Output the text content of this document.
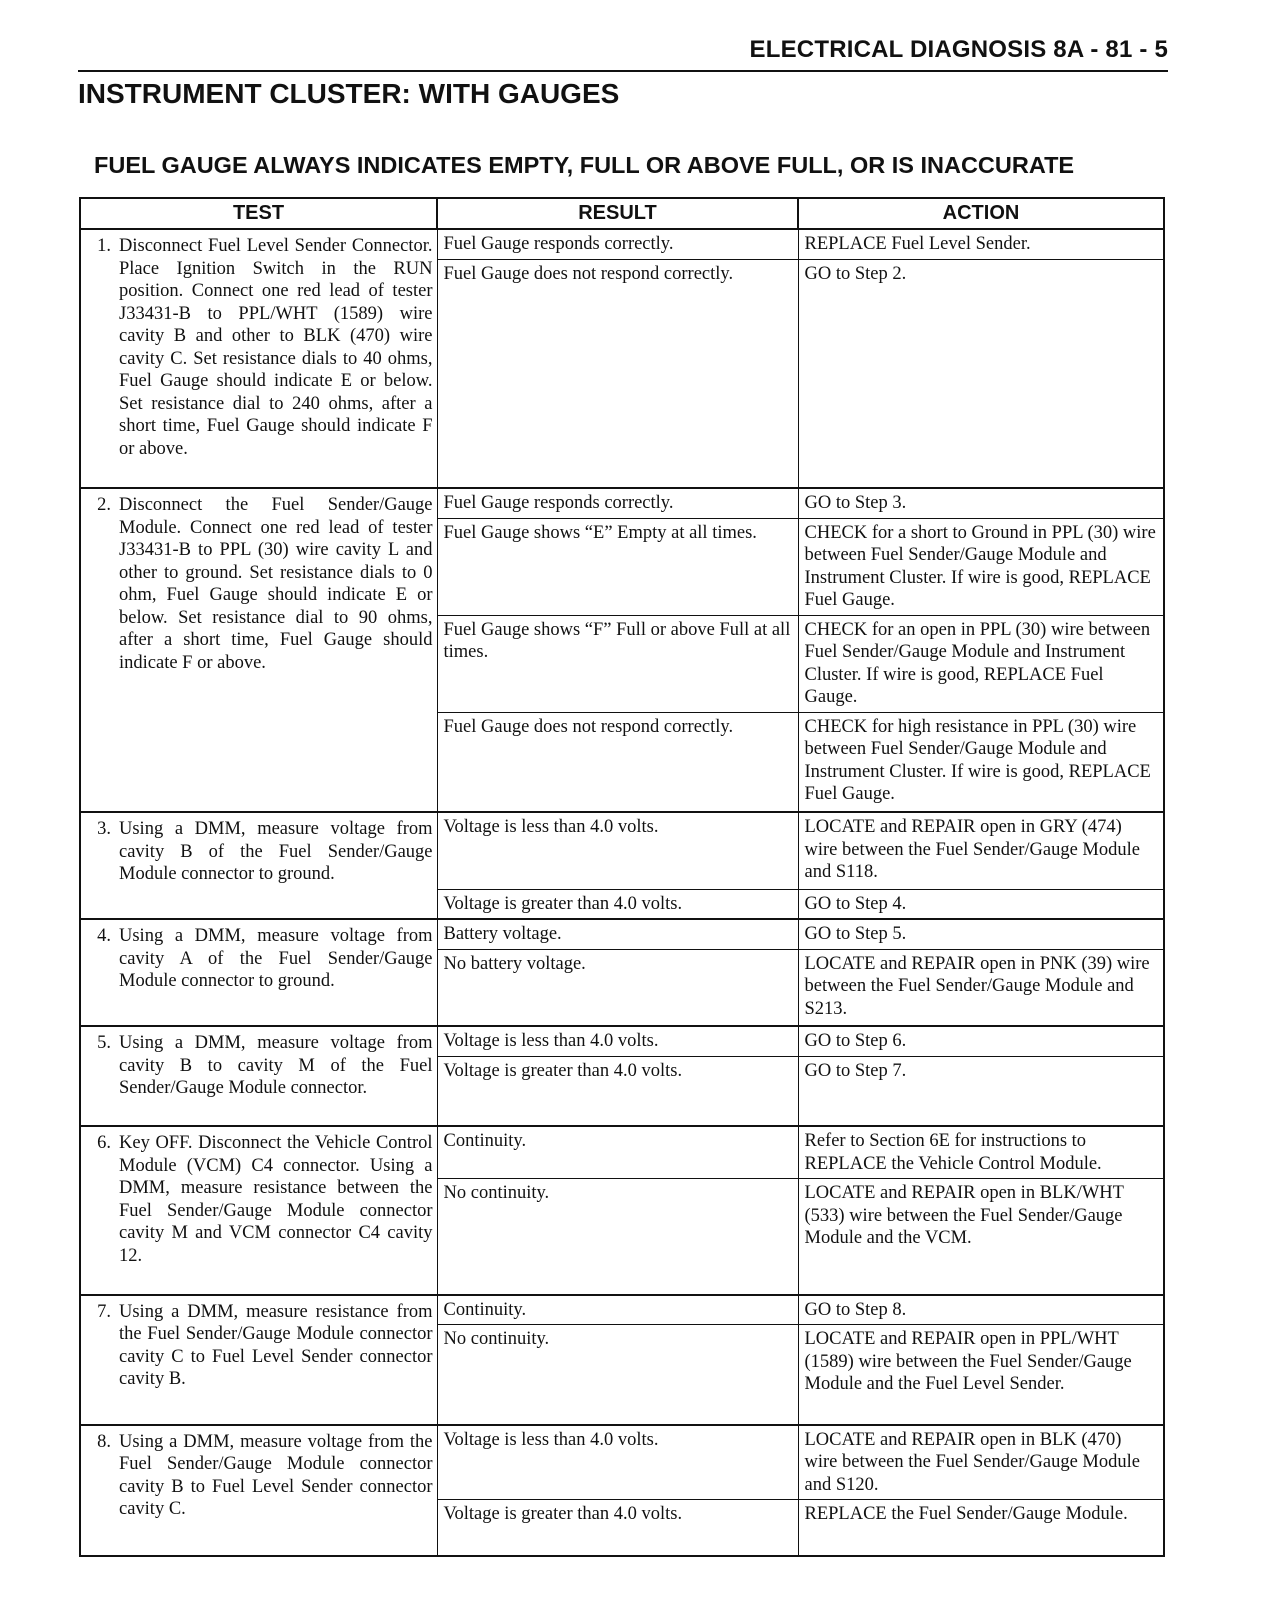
ELECTRICAL DIAGNOSIS 8A - 81 - 5
INSTRUMENT CLUSTER: WITH GAUGES
FUEL GAUGE ALWAYS INDICATES EMPTY, FULL OR ABOVE FULL, OR IS INACCURATE
TEST	RESULT	ACTION

1. Disconnect Fuel Level Sender Connector. Place Ignition Switch in the RUN position. Connect one red lead of tester J33431-B to PPL/WHT (1589) wire cavity B and other to BLK (470) wire cavity C. Set resistance dials to 40 ohms, Fuel Gauge should indicate E or below. Set resistance dial to 240 ohms, after a short time, Fuel Gauge should indicate F or above.	Fuel Gauge responds correctly.	REPLACE Fuel Level Sender.
	Fuel Gauge does not respond correctly.	GO to Step 2.

2. Disconnect the Fuel Sender/Gauge Module. Connect one red lead of tester J33431-B to PPL (30) wire cavity L and other to ground. Set resistance dials to 0 ohm, Fuel Gauge should indicate E or below. Set resistance dial to 90 ohms, after a short time, Fuel Gauge should indicate F or above.	Fuel Gauge responds correctly.	GO to Step 3.
	Fuel Gauge shows “E” Empty at all times.	CHECK for a short to Ground in PPL (30) wire between Fuel Sender/Gauge Module and Instrument Cluster. If wire is good, REPLACE Fuel Gauge.
	Fuel Gauge shows “F” Full or above Full at all times.	CHECK for an open in PPL (30) wire between Fuel Sender/Gauge Module and Instrument Cluster. If wire is good, REPLACE Fuel Gauge.
	Fuel Gauge does not respond correctly.	CHECK for high resistance in PPL (30) wire between Fuel Sender/Gauge Module and Instrument Cluster. If wire is good, REPLACE Fuel Gauge.

3. Using a DMM, measure voltage from cavity B of the Fuel Sender/Gauge Module connector to ground.	Voltage is less than 4.0 volts.	LOCATE and REPAIR open in GRY (474) wire between the Fuel Sender/Gauge Module and S118.
	Voltage is greater than 4.0 volts.	GO to Step 4.

4. Using a DMM, measure voltage from cavity A of the Fuel Sender/Gauge Module connector to ground.	Battery voltage.	GO to Step 5.
	No battery voltage.	LOCATE and REPAIR open in PNK (39) wire between the Fuel Sender/Gauge Module and S213.

5. Using a DMM, measure voltage from cavity B to cavity M of the Fuel Sender/Gauge Module connector.	Voltage is less than 4.0 volts.	GO to Step 6.
	Voltage is greater than 4.0 volts.	GO to Step 7.

6. Key OFF. Disconnect the Vehicle Control Module (VCM) C4 connector. Using a DMM, measure resistance between the Fuel Sender/Gauge Module connector cavity M and VCM connector C4 cavity 12.	Continuity.	Refer to Section 6E for instructions to REPLACE the Vehicle Control Module.
	No continuity.	LOCATE and REPAIR open in BLK/WHT (533) wire between the Fuel Sender/Gauge Module and the VCM.

7. Using a DMM, measure resistance from the Fuel Sender/Gauge Module connector cavity C to Fuel Level Sender connector cavity B.	Continuity.	GO to Step 8.
	No continuity.	LOCATE and REPAIR open in PPL/WHT (1589) wire between the Fuel Sender/Gauge Module and the Fuel Level Sender.

8. Using a DMM, measure voltage from the Fuel Sender/Gauge Module connector cavity B to Fuel Level Sender connector cavity C.	Voltage is less than 4.0 volts.	LOCATE and REPAIR open in BLK (470) wire between the Fuel Sender/Gauge Module and S120.
	Voltage is greater than 4.0 volts.	REPLACE the Fuel Sender/Gauge Module.
